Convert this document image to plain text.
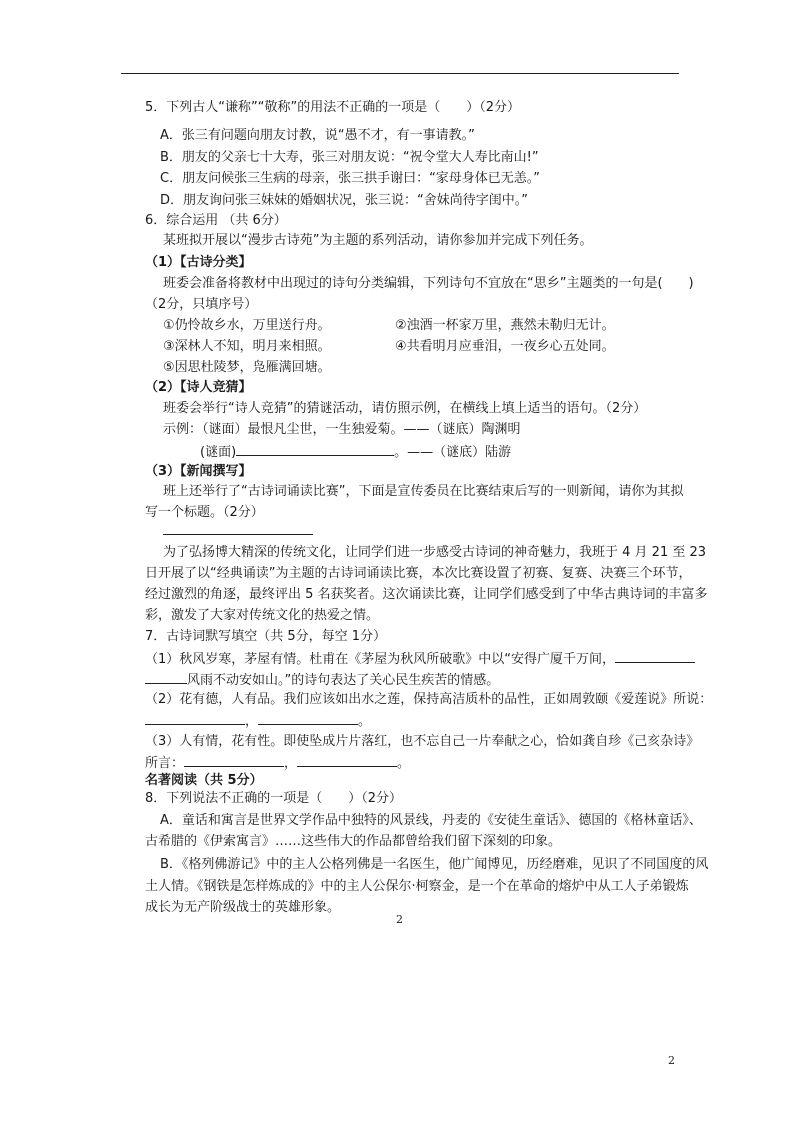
5．下列古人“谦称”“敬称”的用法不正确的一项是（　　）（2分）
A．张三有问题向朋友讨教，说“愚不才，有一事请教。”
B．朋友的父亲七十大寿，张三对朋友说：“祝令堂大人寿比南山!”
C．朋友问候张三生病的母亲，张三拱手谢曰：“家母身体已无恙。”
D．朋友询问张三妹妹的婚姻状况，张三说：“舍妹尚待字闺中。”
6．综合运用 （共 6分）
某班拟开展以“漫步古诗苑”为主题的系列活动，请你参加并完成下列任务。
（1）【古诗分类】
班委会准备将教材中出现过的诗句分类编辑，下列诗句不宜放在“思乡”主题类的一句是(　　)
（2分，只填序号）
①仍怜故乡水，万里送行舟。	②浊酒一杯家万里，燕然未勒归无计。
③深林人不知，明月来相照。	④共看明月应垂泪，一夜乡心五处同。
⑤因思杜陵梦，凫雁满回塘。
（2）【诗人竞猜】
班委会举行“诗人竞猜”的猜谜活动，请仿照示例，在横线上填上适当的语句。（2分）
示例：（谜面）最恨凡尘世，一生独爱菊。——（谜底）陶渊明
(谜面)	。——（谜底）陆游
（3）【新闻撰写】
班上还举行了“古诗词诵读比赛”，下面是宣传委员在比赛结束后写的一则新闻，请你为其拟
写一个标题。（2分）
为了弘扬博大精深的传统文化，让同学们进一步感受古诗词的神奇魅力，我班于 4 月 21 至 23
日开展了以“经典诵读”为主题的古诗词诵读比赛，本次比赛设置了初赛、复赛、决赛三个环节，
经过激烈的角逐，最终评出 5 名获奖者。这次诵读比赛，让同学们感受到了中华古典诗词的丰富多
彩，激发了大家对传统文化的热爱之情。
7．古诗词默写填空（共 5分，每空 1分）
（1）秋风岁寒，茅屋有情。杜甫在《茅屋为秋风所破歌》中以“安得广厦千万间，
风雨不动安如山。”的诗句表达了关心民生疾苦的情感。
（2）花有德，人有品。我们应该如出水之莲，保持高洁质朴的品性，正如周敦颐《爱莲说》所说：
，	。
（3）人有情，花有性。即使坠成片片落红，也不忘自己一片奉献之心，恰如龚自珍《己亥杂诗》
所言：	，	。
名著阅读（共 5分）
8．下列说法不正确的一项是（　　）（2分）
A．童话和寓言是世界文学作品中独特的风景线，丹麦的《安徒生童话》、德国的《格林童话》、
古希腊的《伊索寓言》……这些伟大的作品都曾给我们留下深刻的印象。
B．《格列佛游记》中的主人公格列佛是一名医生，他广闻博见，历经磨难，见识了不同国度的风
土人情。《钢铁是怎样炼成的》中的主人公保尔·柯察金，是一个在革命的熔炉中从工人子弟锻炼
成长为无产阶级战士的英雄形象。
2
2
